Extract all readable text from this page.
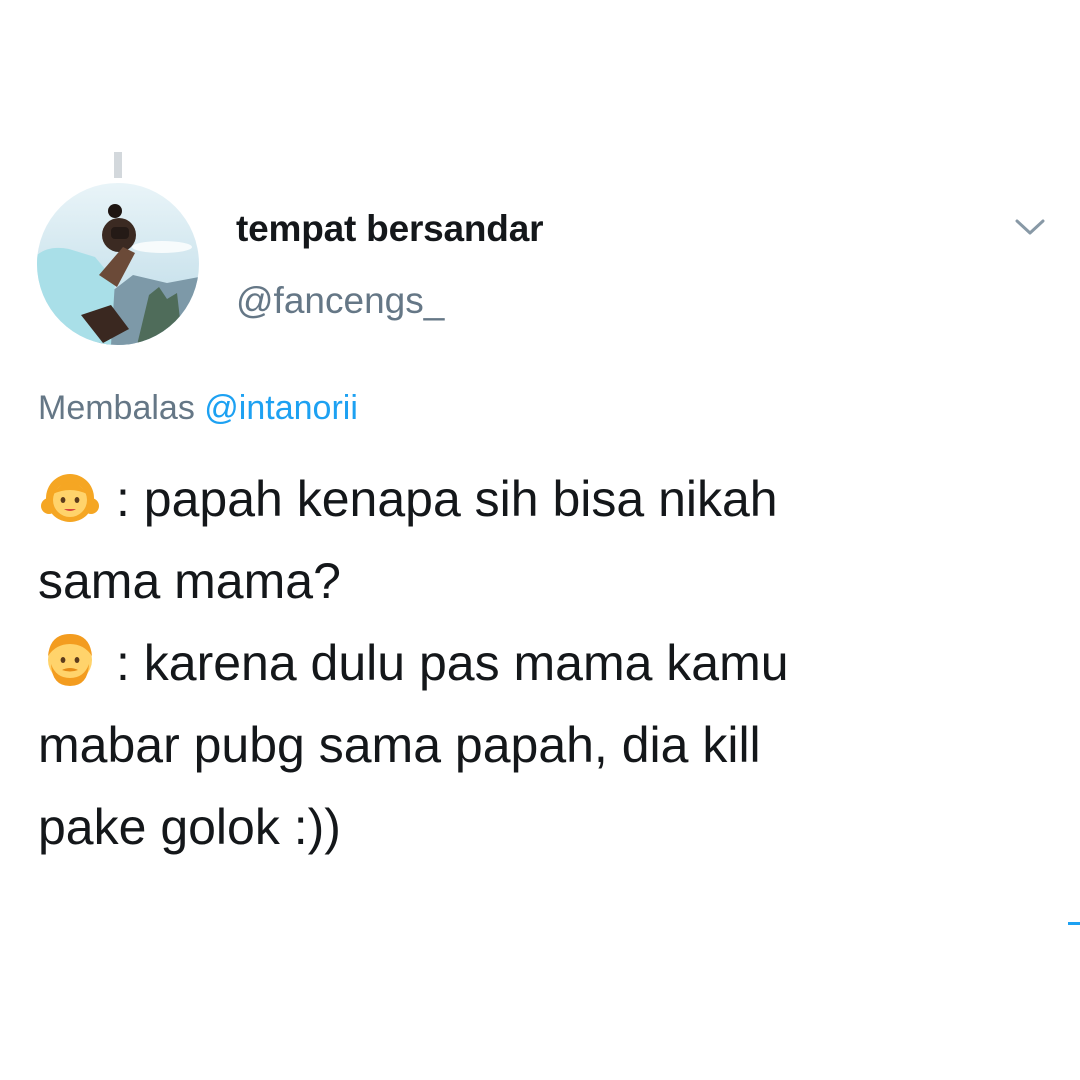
tempat bersandar
@fancengs_
Membalas @intanorii
: papah kenapa sih bisa nikah
sama mama?
: karena dulu pas mama kamu
mabar pubg sama papah, dia kill
pake golok :))
